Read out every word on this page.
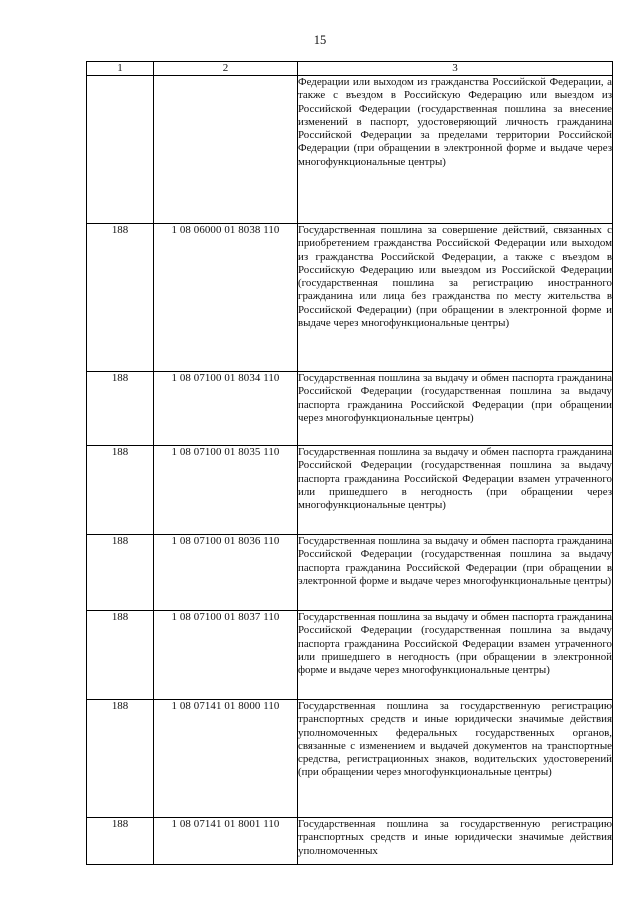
15
1	2	3
		Федерации или выходом из гражданства Российской Федерации, а также с въездом в Российскую Федерацию или выездом из Российской Федерации (государственная пошлина за внесение изменений в паспорт, удостоверяющий личность гражданина Российской Федерации за пределами территории Российской Федерации (при обращении в электронной форме и выдаче через многофункциональные центры)
188	1 08 06000 01 8038 110	Государственная пошлина за совершение действий, связанных с приобретением гражданства Российской Федерации или выходом из гражданства Российской Федерации, а также с въездом в Российскую Федерацию или выездом из Российской Федерации (государственная пошлина за регистрацию иностранного гражданина или лица без гражданства по месту жительства в Российской Федерации) (при обращении в электронной форме и выдаче через многофункциональные центры)
188	1 08 07100 01 8034 110	Государственная пошлина за выдачу и обмен паспорта гражданина Российской Федерации (государственная пошлина за выдачу паспорта гражданина Российской Федерации (при обращении через многофункциональные центры)
188	1 08 07100 01 8035 110	Государственная пошлина за выдачу и обмен паспорта гражданина Российской Федерации (государственная пошлина за выдачу паспорта гражданина Российской Федерации взамен утраченного или пришедшего в негодность (при обращении через многофункциональные центры)
188	1 08 07100 01 8036 110	Государственная пошлина за выдачу и обмен паспорта гражданина Российской Федерации (государственная пошлина за выдачу паспорта гражданина Российской Федерации (при обращении в электронной форме и выдаче через многофункциональные центры)
188	1 08 07100 01 8037 110	Государственная пошлина за выдачу и обмен паспорта гражданина Российской Федерации (государственная пошлина за выдачу паспорта гражданина Российской Федерации взамен утраченного или пришедшего в негодность (при обращении в электронной форме и выдаче через многофункциональные центры)
188	1 08 07141 01 8000 110	Государственная пошлина за государственную регистрацию транспортных средств и иные юридически значимые действия уполномоченных федеральных государственных органов, связанные с изменением и выдачей документов на транспортные средства, регистрационных знаков, водительских удостоверений (при обращении через многофункциональные центры)
188	1 08 07141 01 8001 110	Государственная пошлина за государственную регистрацию транспортных средств и иные юридически значимые действия уполномоченных
